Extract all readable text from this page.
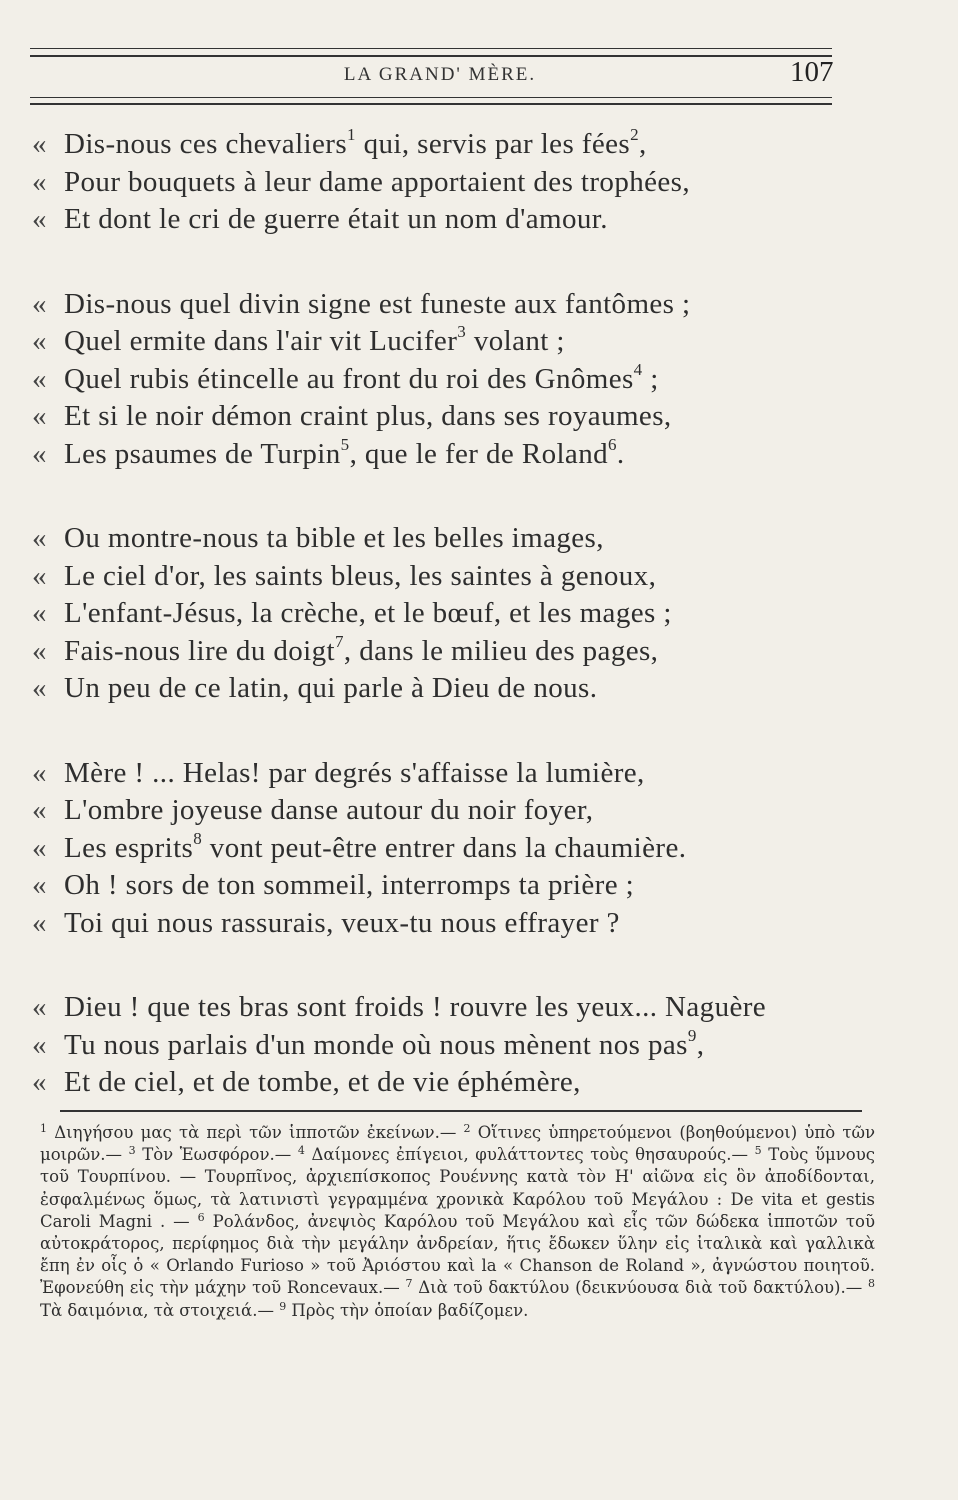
LA GRAND' MÈRE.	107
« Dis-nous ces chevaliers$^1$ qui, servis par les fées$^2$,
« Pour bouquets à leur dame apportaient des trophées,
« Et dont le cri de guerre était un nom d'amour.
« Dis-nous quel divin signe est funeste aux fantômes ;
« Quel ermite dans l'air vit Lucifer$^3$ volant ;
« Quel rubis étincelle au front du roi des Gnômes$^4$ ;
« Et si le noir démon craint plus, dans ses royaumes,
« Les psaumes de Turpin$^5$, que le fer de Roland$^6$.
« Ou montre-nous ta bible et les belles images,
« Le ciel d'or, les saints bleus, les saintes à genoux,
« L'enfant-Jésus, la crèche, et le bœuf, et les mages ;
« Fais-nous lire du doigt$^7$, dans le milieu des pages,
« Un peu de ce latin, qui parle à Dieu de nous.
« Mère ! ... Helas! par degrés s'affaisse la lumière,
« L'ombre joyeuse danse autour du noir foyer,
« Les esprits$^8$ vont peut-être entrer dans la chaumière.
« Oh ! sors de ton sommeil, interromps ta prière ;
« Toi qui nous rassurais, veux-tu nous effrayer ?
« Dieu ! que tes bras sont froids ! rouvre les yeux... Naguère
« Tu nous parlais d'un monde où nous mènent nos pas$^9$,
« Et de ciel, et de tombe, et de vie éphémère,

$^1$ Διηγήσου μας τὰ περὶ τῶν ἱπποτῶν ἐκείνων.— $^2$ Οἵτινες ὑπηρετούμενοι (βοηθούμενοι) ὑπὸ τῶν μοιρῶν.— $^3$ Τὸν Ἑωσφόρον.— $^4$ Δαίμονες ἐπίγειοι, φυλάττοντες τοὺς θησαυρούς.— $^5$ Τοὺς ὕμνους τοῦ Τουρπίνου. — Τουρπῖνος, ἀρχιεπίσκοπος Ρουέννης κατὰ τὸν Η' αἰῶνα εἰς ὃν ἀποδίδονται, ἐσφαλμένως ὅμως, τὰ λατινιστὶ γεγραμμένα χρονικὰ Καρόλου τοῦ Μεγάλου : De vita et gestis Caroli Magni . — $^6$ Ρολάνδος, ἀνεψιὸς Καρόλου τοῦ Μεγάλου καὶ εἷς τῶν δώδεκα ἱπποτῶν τοῦ αὐτοκράτορος, περίφημος διὰ τὴν μεγάλην ἀνδρείαν, ἥτις ἔδωκεν ὕλην εἰς ἰταλικὰ καὶ γαλλικὰ ἔπη ἐν οἷς ὁ « Orlando Furioso » τοῦ Ἀριόστου καὶ la « Chanson de Roland », ἀγνώστου ποιητοῦ. Ἐφονεύθη εἰς τὴν μάχην τοῦ Roncevaux.— $^7$ Διὰ τοῦ δακτύλου (δεικνύουσα διὰ τοῦ δακτύλου).— $^8$ Τὰ δαιμόνια, τὰ στοιχειά.— $^9$ Πρὸς τὴν ὁποίαν βαδίζομεν.
